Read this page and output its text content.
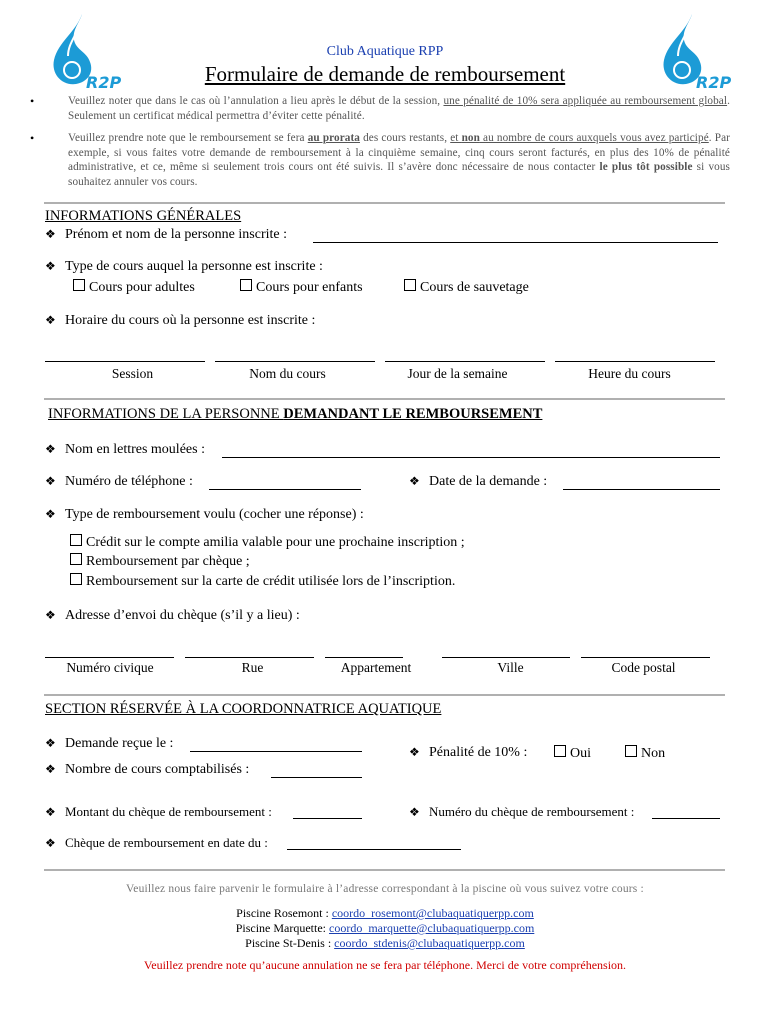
R2P	R2P
Club Aquatique RPP
Formulaire de demande de remboursement
• Veuillez noter que dans le cas où l’annulation a lieu après le début de la session, une pénalité de 10% sera appliquée au remboursement global. Seulement un certificat médical permettra d’éviter cette pénalité.
• Veuillez prendre note que le remboursement se fera au prorata des cours restants, et non au nombre de cours auxquels vous avez participé. Par exemple, si vous faites votre demande de remboursement à la cinquième semaine, cinq cours seront facturés, en plus des 10% de pénalité administrative, et ce, même si seulement trois cours ont été suivis. Il s’avère donc nécessaire de nous contacter le plus tôt possible si vous souhaitez annuler vos cours.
INFORMATIONS GÉNÉRALES
❖ Prénom et nom de la personne inscrite :
❖ Type de cours auquel la personne est inscrite :
Cours pour adultes	Cours pour enfants	Cours de sauvetage
❖ Horaire du cours où la personne est inscrite :
Session	Nom du cours	Jour de la semaine	Heure du cours
INFORMATIONS DE LA PERSONNE DEMANDANT LE REMBOURSEMENT
❖ Nom en lettres moulées :
❖ Numéro de téléphone :	❖ Date de la demande :
❖ Type de remboursement voulu (cocher une réponse) :
Crédit sur le compte amilia valable pour une prochaine inscription ;
Remboursement par chèque ;
Remboursement sur la carte de crédit utilisée lors de l’inscription.
❖ Adresse d’envoi du chèque (s’il y a lieu) :
Numéro civique	Rue	Appartement	Ville	Code postal
SECTION RÉSERVÉE À LA COORDONNATRICE AQUATIQUE
❖ Demande reçue le :
❖ Pénalité de 10% :	Oui	Non
❖ Nombre de cours comptabilisés :
❖ Montant du chèque de remboursement :	❖ Numéro du chèque de remboursement :
❖ Chèque de remboursement en date du :
Veuillez nous faire parvenir le formulaire à l’adresse correspondant à la piscine où vous suivez votre cours :
Piscine Rosemont : coordo_rosemont@clubaquatiquerpp.com
Piscine Marquette: coordo_marquette@clubaquatiquerpp.com
Piscine St-Denis : coordo_stdenis@clubaquatiquerpp.com
Veuillez prendre note qu’aucune annulation ne se fera par téléphone. Merci de votre compréhension.
